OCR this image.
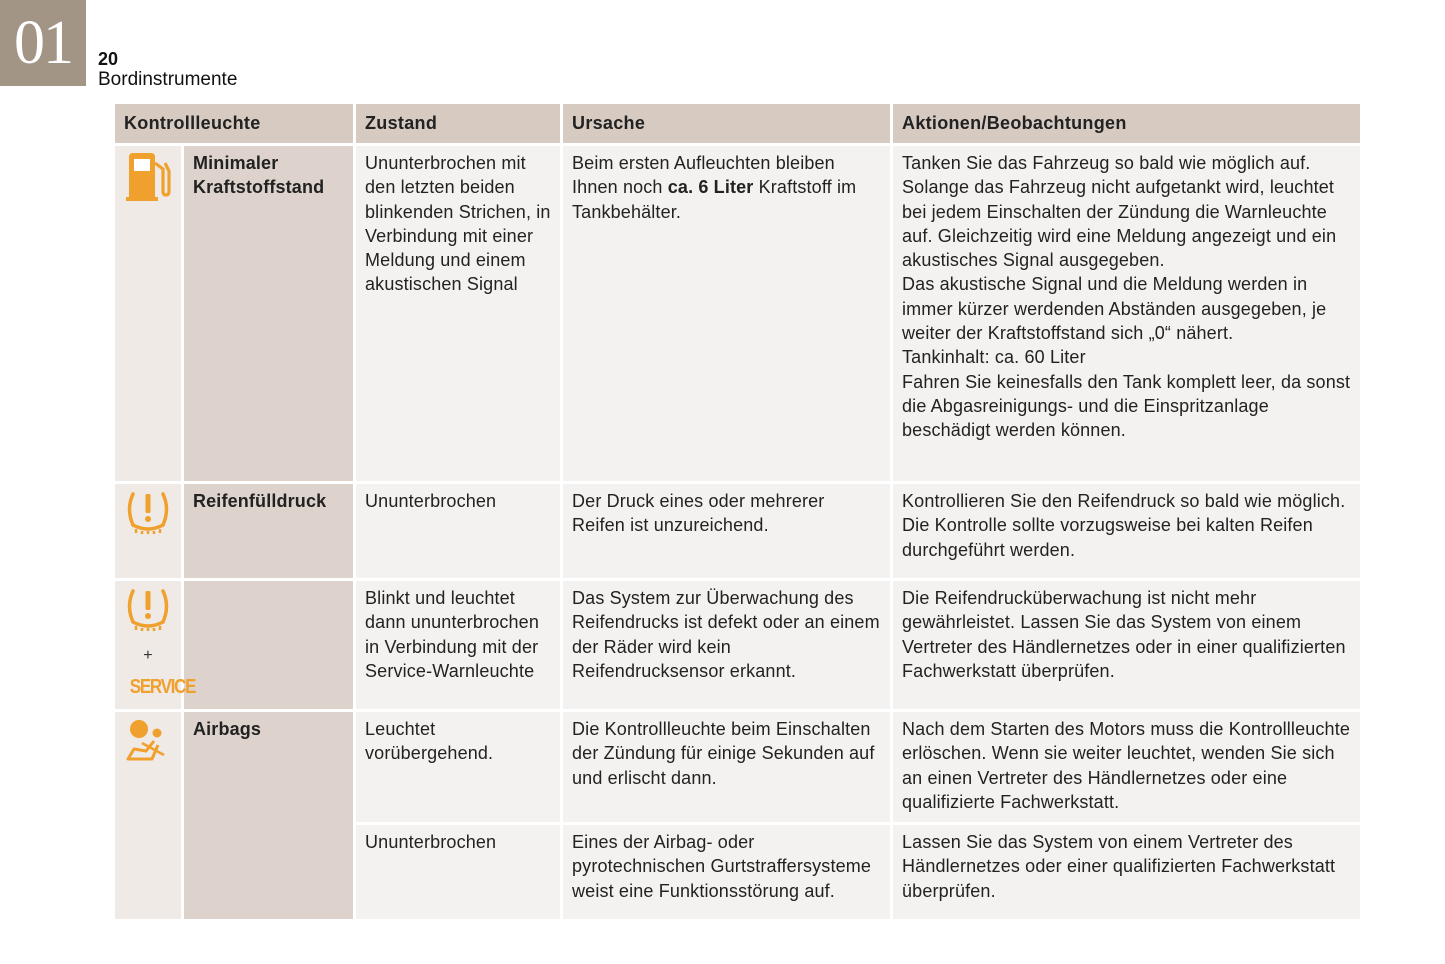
01	20
Bordinstrumente
Kontrollleuchte		Zustand	Ursache	Aktionen/Beobachtungen
	Minimaler Kraftstoffstand	Ununterbrochen mit den letzten beiden blinkenden Strichen, in Verbindung mit einer Meldung und einem akustischen Signal	Beim ersten Aufleuchten bleiben Ihnen noch ca. 6 Liter Kraftstoff im Tankbehälter.	Tanken Sie das Fahrzeug so bald wie möglich auf.
Solange das Fahrzeug nicht aufgetankt wird, leuchtet bei jedem Einschalten der Zündung die Warnleuchte auf. Gleichzeitig wird eine Meldung angezeigt und ein akustisches Signal ausgegeben.
Das akustische Signal und die Meldung werden in immer kürzer werdenden Abständen ausgegeben, je weiter der Kraftstoffstand sich „0“ nähert.
Tankinhalt: ca. 60 Liter
Fahren Sie keinesfalls den Tank komplett leer, da sonst die Abgasreinigungs- und die Einspritzanlage beschädigt werden können.

	Reifenfülldruck	Ununterbrochen	Der Druck eines oder mehrerer Reifen ist unzureichend.	Kontrollieren Sie den Reifendruck so bald wie möglich. Die Kontrolle sollte vorzugsweise bei kalten Reifen durchgeführt werden.

+
SERVICE		Blinkt und leuchtet dann ununterbrochen in Verbindung mit der Service-Warnleuchte	Das System zur Überwachung des Reifendrucks ist defekt oder an einem der Räder wird kein Reifendrucksensor erkannt.	Die Reifendrucküberwachung ist nicht mehr gewährleistet. Lassen Sie das System von einem Vertreter des Händlernetzes oder in einer qualifizierten Fachwerkstatt überprüfen.
	Airbags	Leuchtet vorübergehend.	Die Kontrollleuchte beim Einschalten der Zündung für einige Sekunden auf und erlischt dann.	Nach dem Starten des Motors muss die Kontrollleuchte erlöschen. Wenn sie weiter leuchtet, wenden Sie sich an einen Vertreter des Händlernetzes oder eine qualifizierte Fachwerkstatt.
		Ununterbrochen	Eines der Airbag- oder pyrotechnischen Gurtstraffersysteme weist eine Funktionsstörung auf.	Lassen Sie das System von einem Vertreter des Händlernetzes oder einer qualifizierten Fachwerkstatt überprüfen.
